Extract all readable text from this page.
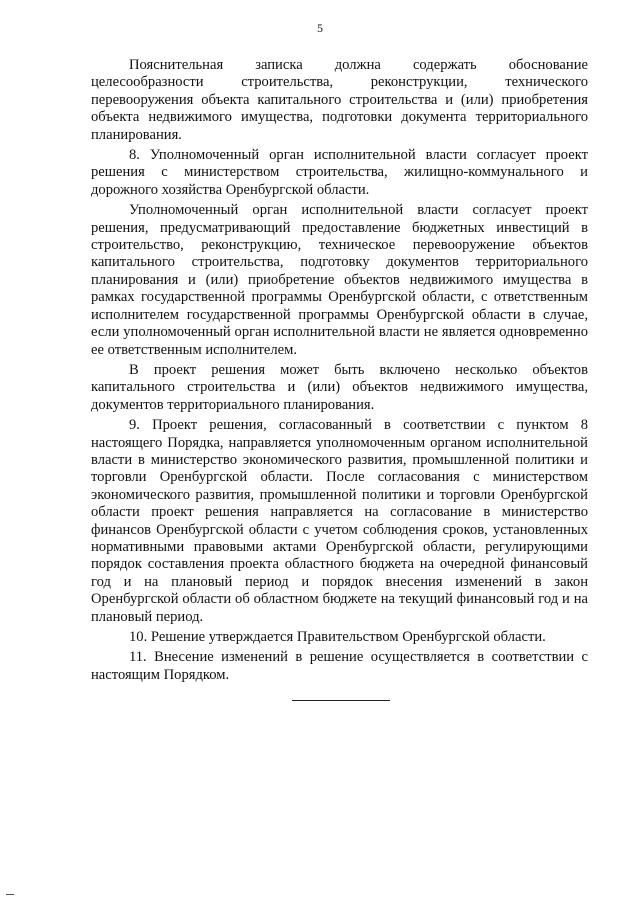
5

Пояснительная записка должна содержать обоснование целесообразности строительства, реконструкции, технического перевооружения объекта капитального строительства и (или) приобретения объекта недвижимого имущества, подготовки документа территориального планирования.

8. Уполномоченный орган исполнительной власти согласует проект решения с министерством строительства, жилищно-коммунального и дорожного хозяйства Оренбургской области.

Уполномоченный орган исполнительной власти согласует проект решения, предусматривающий предоставление бюджетных инвестиций в строительство, реконструкцию, техническое перевооружение объектов капитального строительства, подготовку документов территориального планирования и (или) приобретение объектов недвижимого имущества в рамках государственной программы Оренбургской области, с ответственным исполнителем государственной программы Оренбургской области в случае, если уполномоченный орган исполнительной власти не является одновременно ее ответственным исполнителем.

В проект решения может быть включено несколько объектов капитального строительства и (или) объектов недвижимого имущества, документов территориального планирования.

9. Проект решения, согласованный в соответствии с пунктом 8 настоящего Порядка, направляется уполномоченным органом исполнительной власти в министерство экономического развития, промышленной политики и торговли Оренбургской области. После согласования с министерством экономического развития, промышленной политики и торговли Оренбургской области проект решения направляется на согласование в министерство финансов Оренбургской области с учетом соблюдения сроков, установленных нормативными правовыми актами Оренбургской области, регулирующими порядок составления проекта областного бюджета на очередной финансовый год и на плановый период и порядок внесения изменений в закон Оренбургской области об областном бюджете на текущий финансовый год и на плановый период.

10. Решение утверждается Правительством Оренбургской области.

11. Внесение изменений в решение осуществляется в соответствии с настоящим Порядком.
